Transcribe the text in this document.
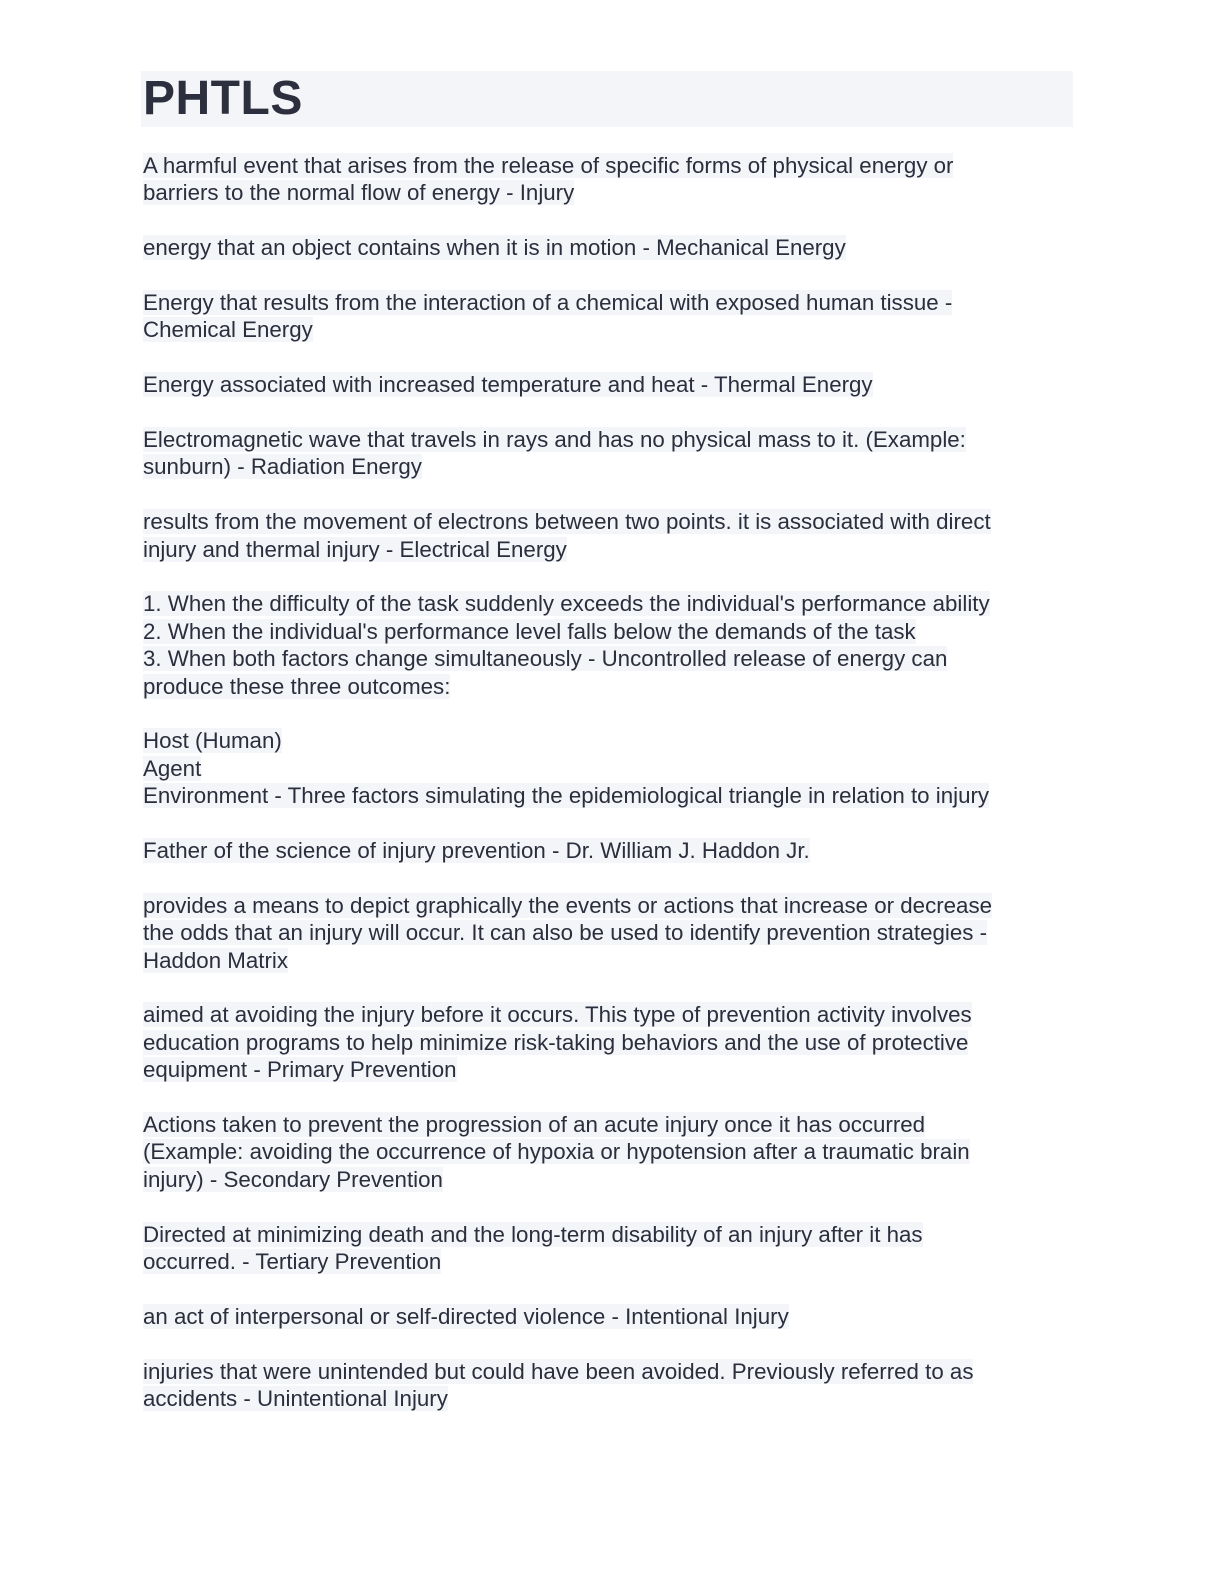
PHTLS

A harmful event that arises from the release of specific forms of physical energy or
barriers to the normal flow of energy - Injury

energy that an object contains when it is in motion - Mechanical Energy

Energy that results from the interaction of a chemical with exposed human tissue -
Chemical Energy

Energy associated with increased temperature and heat - Thermal Energy

Electromagnetic wave that travels in rays and has no physical mass to it. (Example:
sunburn) - Radiation Energy

results from the movement of electrons between two points. it is associated with direct
injury and thermal injury - Electrical Energy

1. When the difficulty of the task suddenly exceeds the individual's performance ability
2. When the individual's performance level falls below the demands of the task
3. When both factors change simultaneously - Uncontrolled release of energy can
produce these three outcomes:

Host (Human)
Agent
Environment - Three factors simulating the epidemiological triangle in relation to injury

Father of the science of injury prevention - Dr. William J. Haddon Jr.

provides a means to depict graphically the events or actions that increase or decrease
the odds that an injury will occur. It can also be used to identify prevention strategies -
Haddon Matrix

aimed at avoiding the injury before it occurs. This type of prevention activity involves
education programs to help minimize risk-taking behaviors and the use of protective
equipment - Primary Prevention

Actions taken to prevent the progression of an acute injury once it has occurred
(Example: avoiding the occurrence of hypoxia or hypotension after a traumatic brain
injury) - Secondary Prevention

Directed at minimizing death and the long-term disability of an injury after it has
occurred. - Tertiary Prevention

an act of interpersonal or self-directed violence - Intentional Injury

injuries that were unintended but could have been avoided. Previously referred to as
accidents - Unintentional Injury
